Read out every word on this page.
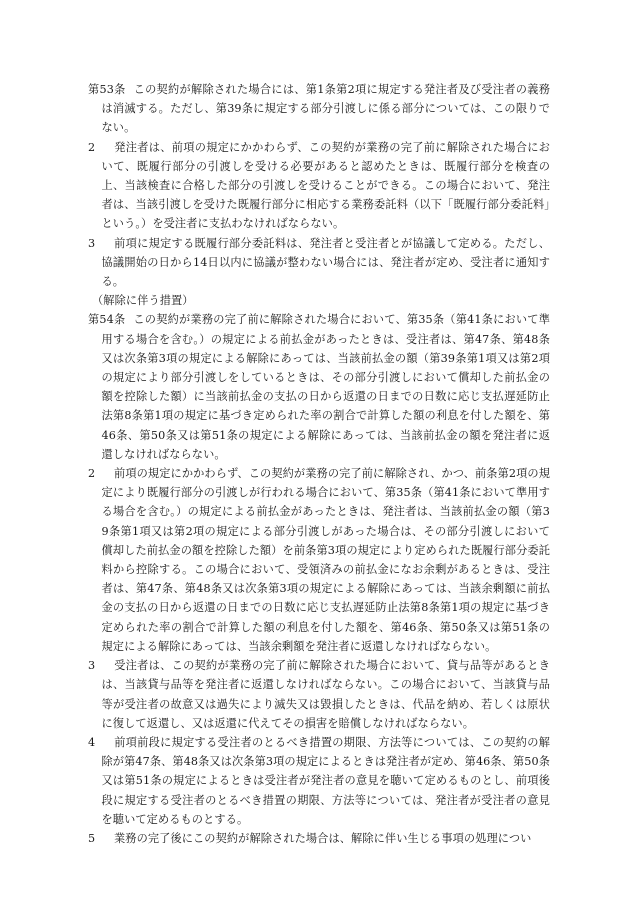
第53条 この契約が解除された場合には、第1条第2項に規定する発注者及び受注者の義務は消滅する。ただし、第39条に規定する部分引渡しに係る部分については、この限りでない。

2 発注者は、前項の規定にかかわらず、この契約が業務の完了前に解除された場合において、既履行部分の引渡しを受ける必要があると認めたときは、既履行部分を検査の上、当該検査に合格した部分の引渡しを受けることができる。この場合において、発注者は、当該引渡しを受けた既履行部分に相応する業務委託料（以下「既履行部分委託料」という。）を受注者に支払わなければならない。

3 前項に規定する既履行部分委託料は、発注者と受注者とが協議して定める。ただし、協議開始の日から14日以内に協議が整わない場合には、発注者が定め、受注者に通知する。

（解除に伴う措置）

第54条 この契約が業務の完了前に解除された場合において、第35条（第41条において準用する場合を含む。）の規定による前払金があったときは、受注者は、第47条、第48条又は次条第3項の規定による解除にあっては、当該前払金の額（第39条第1項又は第2項の規定により部分引渡しをしているときは、その部分引渡しにおいて償却した前払金の額を控除した額）に当該前払金の支払の日から返還の日までの日数に応じ支払遅延防止法第8条第1項の規定に基づき定められた率の割合で計算した額の利息を付した額を、第46条、第50条又は第51条の規定による解除にあっては、当該前払金の額を発注者に返還しなければならない。

2 前項の規定にかかわらず、この契約が業務の完了前に解除され、かつ、前条第2項の規定により既履行部分の引渡しが行われる場合において、第35条（第41条において準用する場合を含む。）の規定による前払金があったときは、発注者は、当該前払金の額（第39条第1項又は第2項の規定による部分引渡しがあった場合は、その部分引渡しにおいて償却した前払金の額を控除した額）を前条第3項の規定により定められた既履行部分委託料から控除する。この場合において、受領済みの前払金になお余剰があるときは、受注者は、第47条、第48条又は次条第3項の規定による解除にあっては、当該余剰額に前払金の支払の日から返還の日までの日数に応じ支払遅延防止法第8条第1項の規定に基づき定められた率の割合で計算した額の利息を付した額を、第46条、第50条又は第51条の規定による解除にあっては、当該余剰額を発注者に返還しなければならない。

3 受注者は、この契約が業務の完了前に解除された場合において、貸与品等があるときは、当該貸与品等を発注者に返還しなければならない。この場合において、当該貸与品等が受注者の故意又は過失により滅失又は毀損したときは、代品を納め、若しくは原状に復して返還し、又は返還に代えてその損害を賠償しなければならない。

4 前項前段に規定する受注者のとるべき措置の期限、方法等については、この契約の解除が第47条、第48条又は次条第3項の規定によるときは発注者が定め、第46条、第50条又は第51条の規定によるときは受注者が発注者の意見を聴いて定めるものとし、前項後段に規定する受注者のとるべき措置の期限、方法等については、発注者が受注者の意見を聴いて定めるものとする。

5 業務の完了後にこの契約が解除された場合は、解除に伴い生じる事項の処理につい
